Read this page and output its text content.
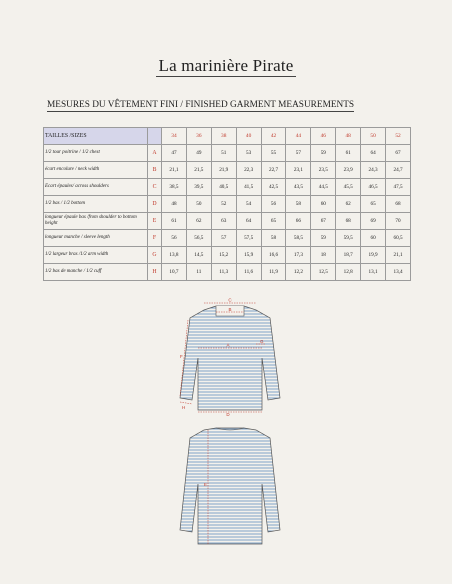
La marinière Pirate
MESURES DU VÊTEMENT FINI / FINISHED GARMENT MEASUREMENTS
TAILLES /SIZES		34	36	38	40	42	44	46	48	50	52
1/2 tour poitrine / 1/2 chest	A	47	49	51	53	55	57	59	61	64	67
écart encolure / neck width	B	21,1	21,5	21,9	22,3	22,7	23,1	23,5	23,9	24,3	24,7
Ecart épaules/ across shoulders	C	38,5	39,5	40,5	41,5	42,5	43,5	44,5	45,5	46,5	47,5
1/2 bas / 1/2 bottom	D	48	50	52	54	56	58	60	62	65	68
longueur épaule bas /from shoulder to bottom height	E	61	62	63	64	65	66	67	68	69	70
longueur manche / sleeve length	F	56	56,5	57	57,5	58	58,5	59	59,5	60	60,5
1/2 largeur bras /1/2 arm width	G	13,8	14,5	15,2	15,9	16,6	17,3	18	18,7	19,9	21,1
1/2 bas de manche / 1/2 cuff	H	10,7	11	11,3	11,6	11,9	12,2	12,5	12,8	13,1	13,4
C
B
A
F
G
H
D
E
